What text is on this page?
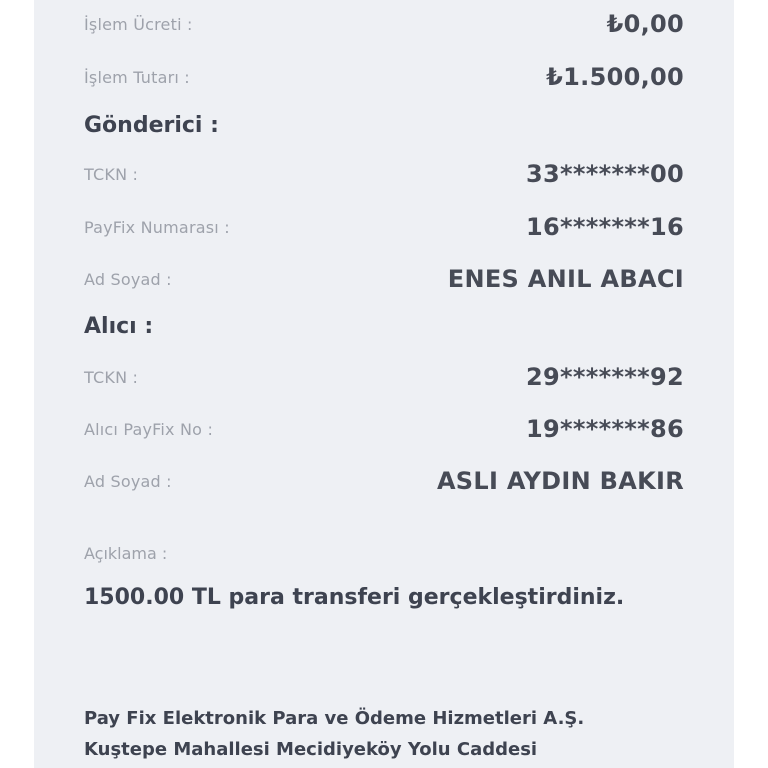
İşlem Ücreti :	₺0,00
İşlem Tutarı :	₺1.500,00
Gönderici :
TCKN :	33*******00
PayFix Numarası :	16*******16
Ad Soyad :	ENES ANIL ABACI
Alıcı :
TCKN :	29*******92
Alıcı PayFix No :	19*******86
Ad Soyad :	ASLI AYDIN BAKIR
Açıklama :
1500.00 TL para transferi gerçekleştirdiniz.
Pay Fix Elektronik Para ve Ödeme Hizmetleri A.Ş.
Kuştepe Mahallesi Mecidiyeköy Yolu Caddesi
